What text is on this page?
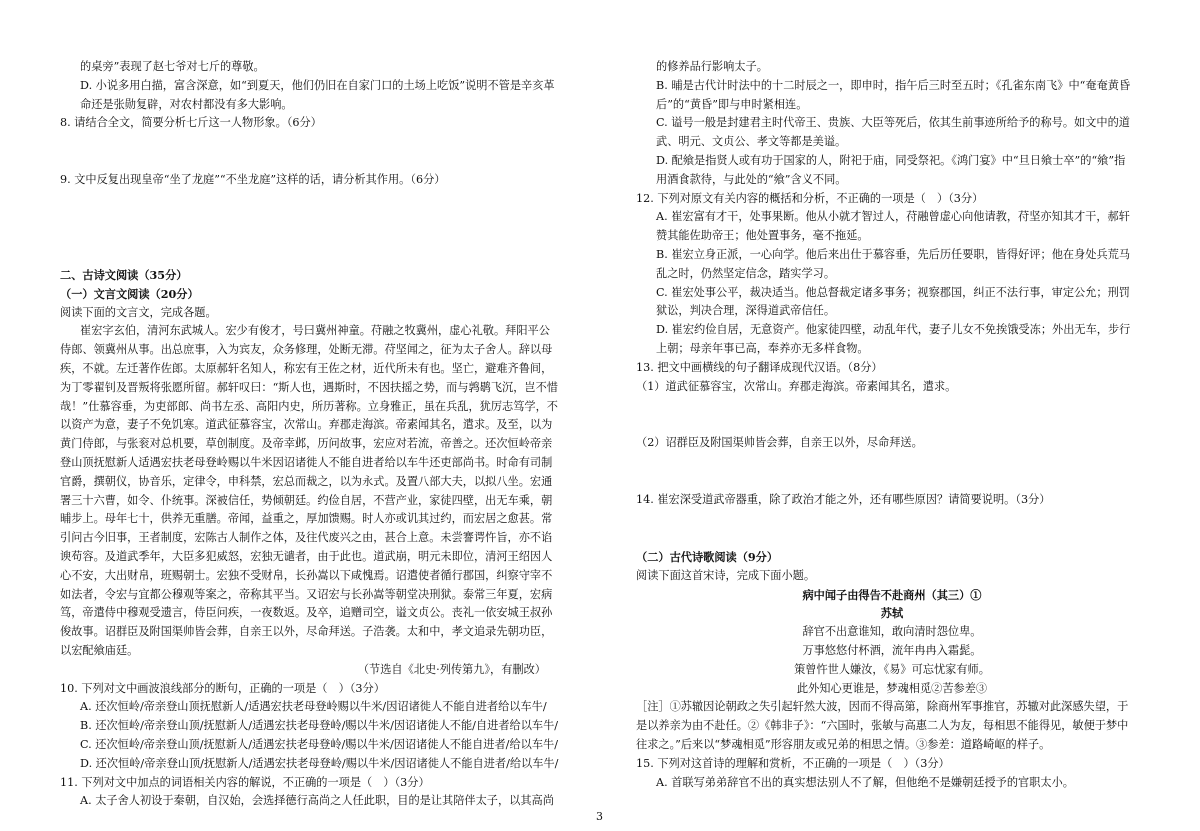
的桌旁”表现了赵七爷对七斤的尊敬。

D. 小说多用白描，富含深意，如“到夏天，他们仍旧在自家门口的土场上吃饭”说明不管是辛亥革

命还是张勋复辟，对农村都没有多大影响。

8. 请结合全文，简要分析七斤这一人物形象。（6分）

9. 文中反复出现皇帝“坐了龙庭”“不坐龙庭”这样的话，请分析其作用。（6分）

二、古诗文阅读（35分）

（一）文言文阅读（20分）

阅读下面的文言文，完成各题。

崔宏字玄伯，清河东武城人。宏少有俊才，号曰冀州神童。苻融之牧冀州，虚心礼敬。拜阳平公

侍郎、领冀州从事。出总庶事，入为宾友，众务修理，处断无滞。苻坚闻之，征为太子舍人。辞以母

疾，不就。左迁著作佐郎。太原郝轩名知人，称宏有王佐之材，近代所未有也。坚亡，避难齐鲁间，

为丁零翟钊及晋叛将张愿所留。郝轩叹曰：“斯人也，遇斯时，不因扶摇之势，而与鹑鹖飞沉，岂不惜

哉！”仕慕容垂，为吏部郎、尚书左丞、高阳内史，所历著称。立身雅正，虽在兵乱，犹厉志笃学，不

以资产为意，妻子不免饥寒。道武征慕容宝，次常山。弃郡走海滨。帝素闻其名，遣求。及至，以为

黄门侍郎，与张衮对总机要，草创制度。及帝幸邺，历问故事，宏应对若流，帝善之。还次恒岭帝亲

登山顶抚慰新人适遇宏扶老母登岭赐以牛米因诏诸徙人不能自进者给以车牛还吏部尚书。时命有司制

官爵，撰朝仪，协音乐，定律令，申科禁，宏总而裁之，以为永式。及置八部大夫，以拟八坐。宏通

署三十六曹，如令、仆统事。深被信任，势倾朝廷。约俭自居，不营产业，家徒四壁，出无车乘，朝

晡步上。母年七十，供养无重膳。帝闻，益重之，厚加馈赐。时人亦或讥其过约，而宏居之愈甚。常

引问古今旧事，王者制度，宏陈古人制作之体，及往代废兴之由，甚合上意。未尝謇谔忤旨，亦不谄

谀苟容。及道武季年，大臣多犯威怒，宏独无谴者，由于此也。道武崩，明元未即位，清河王绍因人

心不安，大出财帛，班赐朝士。宏独不受财帛，长孙嵩以下咸愧焉。诏遣使者循行郡国，纠察守宰不

如法者，令宏与宜都公穆观等案之，帝称其平当。又诏宏与长孙嵩等朝堂决刑狱。泰常三年夏，宏病

笃，帝遣侍中穆观受遗言，侍臣问疾，一夜数返。及卒，追赠司空，谥文贞公。丧礼一依安城王叔孙

俊故事。诏群臣及附国渠帅皆会葬，自亲王以外，尽命拜送。子浩袭。太和中，孝文追录先朝功臣，

以宏配飨庙廷。

（节选自《北史·列传第九》，有删改）

10. 下列对文中画波浪线部分的断句，正确的一项是（　）（3分）

A. 还次恒岭/帝亲登山顶抚慰新人/适遇宏扶老母登岭赐以牛米/因诏诸徙人不能自进者给以车牛/

B. 还次恒岭/帝亲登山顶/抚慰新人/适遇宏扶老母登岭/赐以牛米/因诏诸徙人不能/自进者给以车牛/

C. 还次恒岭/帝亲登山顶/抚慰新人/适遇宏扶老母登岭/赐以牛米/因诏诸徙人不能自进者/给以车牛/

D. 还次恒岭/帝亲登山顶/抚慰新人/适遇宏扶老母登岭/赐以牛米/因诏诸徙人不能自进者/给以车牛/

11. 下列对文中加点的词语相关内容的解说，不正确的一项是（　）（3分）

A. 太子舍人初设于秦朝，自汉始，会选择德行高尚之人任此职，目的是让其陪伴太子，以其高尚

的修养品行影响太子。

B. 晡是古代计时法中的十二时辰之一，即申时，指午后三时至五时；《孔雀东南飞》中“奄奄黄昏

后”的“黄昏”即与申时紧相连。

C. 谥号一般是封建君主时代帝王、贵族、大臣等死后，依其生前事迹所给予的称号。如文中的道

武、明元、文贞公、孝文等都是美谥。

D. 配飨是指贤人或有功于国家的人，附祀于庙，同受祭祀。《鸿门宴》中“旦日飨士卒”的“飨”指

用酒食款待，与此处的“飨”含义不同。

12. 下列对原文有关内容的概括和分析，不正确的一项是（　）（3分）

A. 崔宏富有才干，处事果断。他从小就才智过人，苻融曾虚心向他请教，苻坚亦知其才干，郝轩

赞其能佐助帝王；他处置事务，毫不拖延。

B. 崔宏立身正派，一心向学。他后来出仕于慕容垂，先后历任要职，皆得好评；他在身处兵荒马

乱之时，仍然坚定信念，踏实学习。

C. 崔宏处事公平，裁决适当。他总督裁定诸多事务；视察郡国，纠正不法行事，审定公允；刑罚

狱讼，判决合理，深得道武帝信任。

D. 崔宏约俭自居，无意资产。他家徒四壁，动乱年代，妻子儿女不免挨饿受冻；外出无车，步行

上朝；母亲年事已高，奉养亦无多样食物。

13. 把文中画横线的句子翻译成现代汉语。（8分）

（1）道武征慕容宝，次常山。弃郡走海滨。帝素闻其名，遣求。

（2）诏群臣及附国渠帅皆会葬，自亲王以外，尽命拜送。

14. 崔宏深受道武帝器重，除了政治才能之外，还有哪些原因？请简要说明。（3分）

（二）古代诗歌阅读（9分）

阅读下面这首宋诗，完成下面小题。

病中闻子由得告不赴商州（其三）①

苏轼

辞官不出意谁知，敢向清时怨位卑。

万事悠悠付杯酒，流年冉冉入霜髭。

策曾忤世人嫌汝，《易》可忘忧家有师。

此外知心更谁是，梦魂相觅②苦参差③

［注］①苏辙因论朝政之失引起轩然大波，因而不得高第，除商州军事推官，苏辙对此深感失望，于

是以养亲为由不赴任。②《韩非子》：“六国时，张敏与高惠二人为友，每相思不能得见，敏便于梦中

往求之。”后来以“梦魂相觅”形容朋友或兄弟的相思之情。③参差：道路崎岖的样子。

15. 下列对这首诗的理解和赏析，不正确的一项是（　）（3分）

A. 首联写弟弟辞官不出的真实想法别人不了解，但他绝不是嫌朝廷授予的官职太小。

3
